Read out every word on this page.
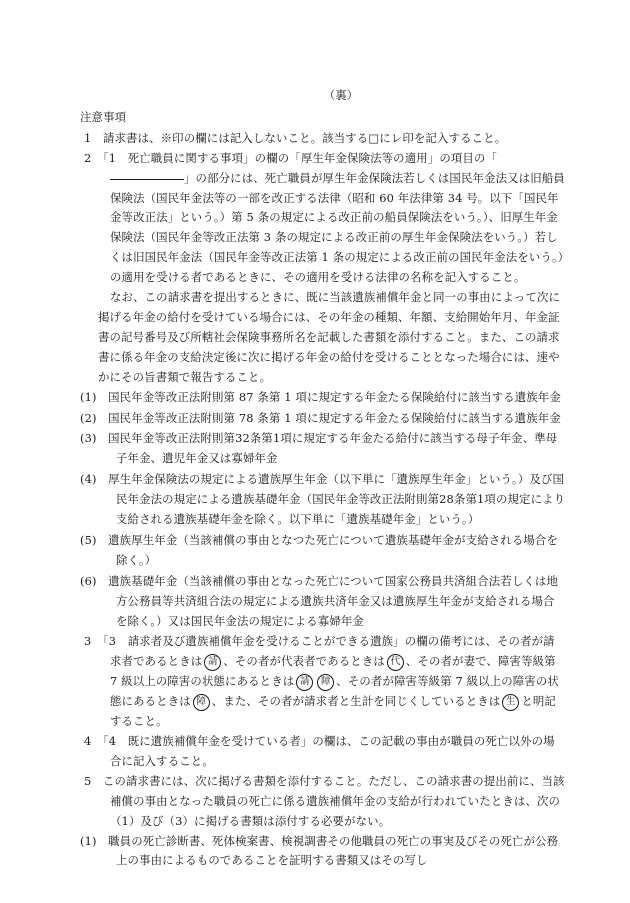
（裏）
注意事項

1　請求書は、※印の欄には記入しないこと。該当する□にレ印を記入すること。

2　「1　死亡職員に関する事項」の欄の「厚生年金保険法等の適用」の項目の「」の部分には、死亡職員が厚生年金保険法若しくは国民年金法又は旧船員保険法（国民年金法等の一部を改正する法律（昭和 60 年法律第 34 号。以下「国民年金等改正法」という。）第 5 条の規定による改正前の船員保険法をいう。）、旧厚生年金保険法（国民年金等改正法第 3 条の規定による改正前の厚生年金保険法をいう。）若しくは旧国民年金法（国民年金等改正法第 1 条の規定による改正前の国民年金法をいう。）の適用を受ける者であるときに、その適用を受ける法律の名称を記入すること。

なお、この請求書を提出するときに、既に当該遺族補償年金と同一の事由によって次に掲げる年金の給付を受けている場合には、その年金の種類、年額、支給開始年月、年金証書の記号番号及び所轄社会保険事務所名を記載した書類を添付すること。また、この請求書に係る年金の支給決定後に次に掲げる年金の給付を受けることとなった場合には、速やかにその旨書類で報告すること。

(1)　国民年金等改正法附則第 87 条第 1 項に規定する年金たる保険給付に該当する遺族年金

(2)　国民年金等改正法附則第 78 条第 1 項に規定する年金たる保険給付に該当する遺族年金

(3)　国民年金等改正法附則第32条第1項に規定する年金たる給付に該当する母子年金、準母子年金、遺児年金又は寡婦年金

(4)　厚生年金保険法の規定による遺族厚生年金（以下単に「遺族厚生年金」という。）及び国民年金法の規定による遺族基礎年金（国民年金等改正法附則第28条第1項の規定により支給される遺族基礎年金を除く。以下単に「遺族基礎年金」という。）

(5)　遺族厚生年金（当該補償の事由となつた死亡について遺族基礎年金が支給される場合を除く。）

(6)　遺族基礎年金（当該補償の事由となった死亡について国家公務員共済組合法若しくは地方公務員等共済組合法の規定による遺族共済年金又は遺族厚生年金が支給される場合を除く。）又は国民年金法の規定による寡婦年金

3　「3　請求者及び遺族補償年金を受けることができる遺族」の欄の備考には、その者が請求者であるときは 請 、その者が代表者であるときは 代 、その者が妻で、障害等級第 7 級以上の障害の状態にあるときは 請 障 、その者が障害等級第 7 級以上の障害の状態にあるときは 障 、また、その者が請求者と生計を同じくしているときは 生 と明記すること。

4　「4　既に遺族補償年金を受けている者」の欄は、この記載の事由が職員の死亡以外の場合に記入すること。

5　この請求書には、次に掲げる書類を添付すること。ただし、この請求書の提出前に、当該補償の事由となった職員の死亡に係る遺族補償年金の支給が行われていたときは、次の（1）及び（3）に掲げる書類は添付する必要がない。

(1)　職員の死亡診断書、死体検案書、検視調書その他職員の死亡の事実及びその死亡が公務上の事由によるものであることを証明する書類又はその写し
